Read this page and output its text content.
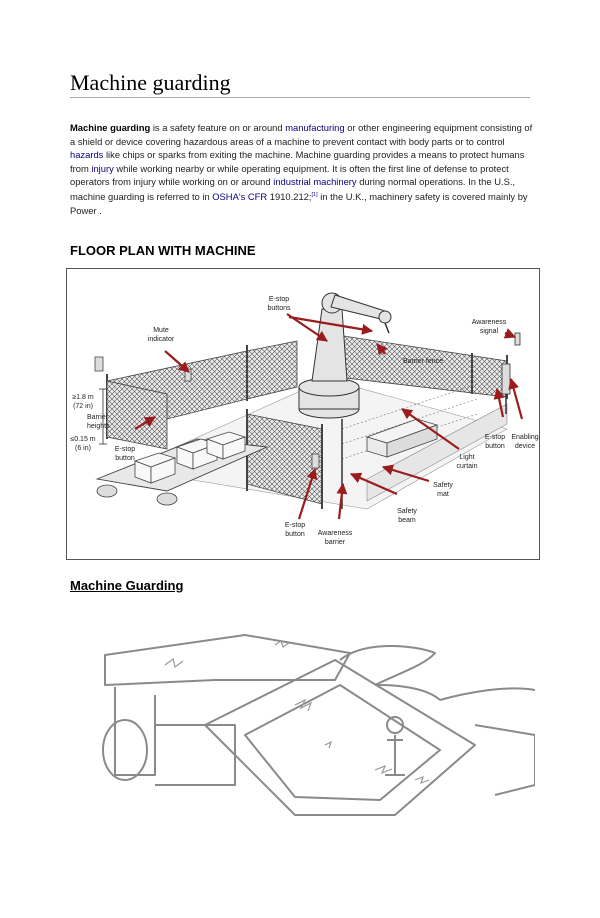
Machine guarding

Machine guarding is a safety feature on or around manufacturing or other engineering equipment consisting of a shield or device covering hazardous areas of a machine to prevent contact with body parts or to control hazards like chips or sparks from exiting the machine. Machine guarding provides a means to protect humans from injury while working nearby or while operating equipment. It is often the first line of defense to protect operators from injury while working on or around industrial machinery during normal operations. In the U.S., machine guarding is referred to in OSHA's CFR 1910.212;[1] in the U.K., machinery safety is covered mainly by Power .

FLOOR PLAN WITH MACHINE
E-stop
buttons
Awareness
signal
Mute
indicator
Barrier fence
≥1.8 m
(72 in)
Barrier
heights
≤0.15 m
(6 in)	E-stop
button
E-stop
button
Enabling
device
Light
curtain
Safety
mat
Safety
beam
E-stop
button Awareness
barrier
Machine Guarding
